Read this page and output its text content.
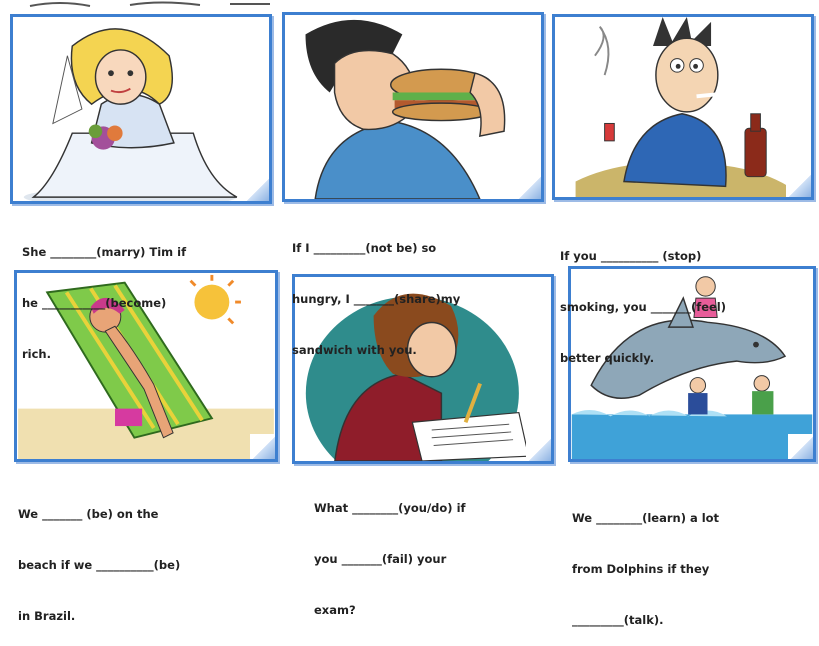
She ________(marry) Tim if

he ___________(become)

rich.

If I _________(not be) so

hungry, I _______(share)my

sandwich with you.

If you __________ (stop)

smoking, you _______(feel)

better quickly.

We _______ (be) on the

beach if we __________(be)

in Brazil.

What ________(you/do) if

you _______(fail) your

exam?

We ________(learn) a lot

from Dolphins if they

_________(talk).
